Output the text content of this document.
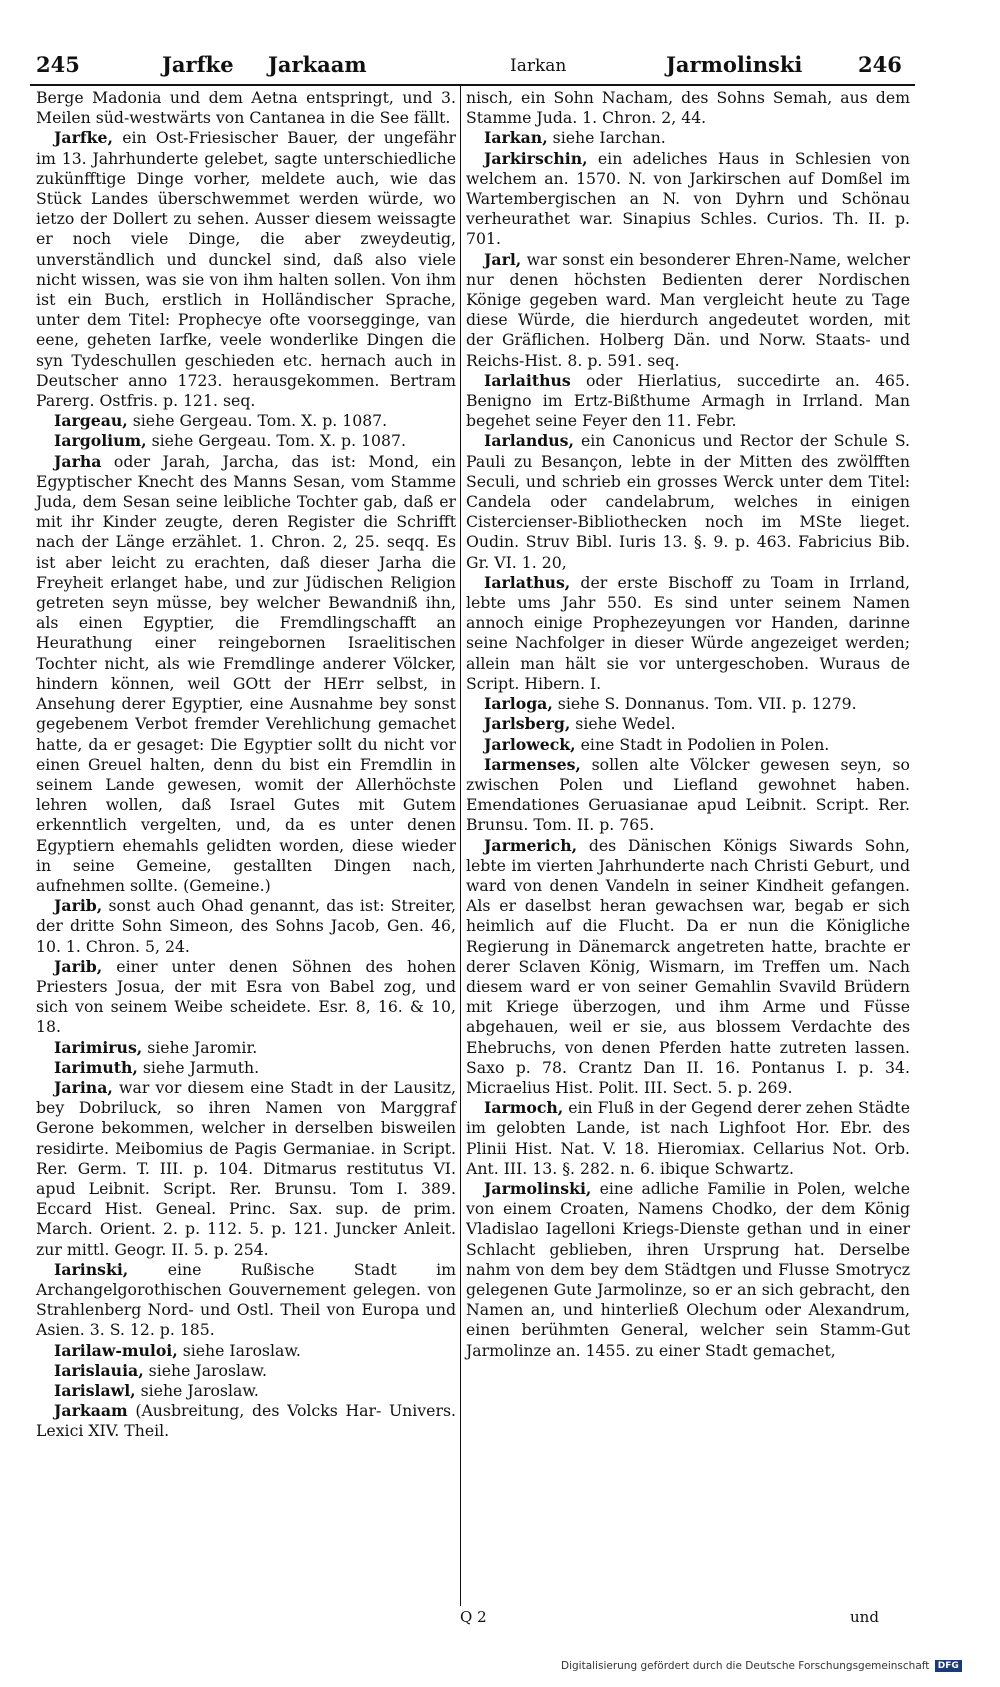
245	Jarfke Jarkaam	Iarkan	Jarmolinski	246

Berge Madonia und dem Aetna entspringt, und 3. Meilen süd-westwärts von Cantanea in die See fällt.

Jarfke, ein Ost-Friesischer Bauer, der ungefähr im 13. Jahrhunderte gelebet, sagte unterschiedliche zukünfftige Dinge vorher, meldete auch, wie das Stück Landes überschwemmet werden würde, wo ietzo der Dollert zu sehen. Ausser diesem weissagte er noch viele Dinge, die aber zweydeutig, unverständlich und dunckel sind, daß also viele nicht wissen, was sie von ihm halten sollen. Von ihm ist ein Buch, erstlich in Holländischer Sprache, unter dem Titel: Prophecye ofte voorseggingе, van eene, geheten Iarfke, veele wonderlike Dingen die syn Tydeschullen geschieden etc. hernach auch in Deutscher anno 1723. herausgekommen. Bertram Parerg. Ostfris. p. 121. seq.

Iargeau, siehe Gergeau. Tom. X. p. 1087.

Iargolium, siehe Gergeau. Tom. X. p. 1087.

Jarha oder Jarah, Jarcha, das ist: Mond, ein Egyptischer Knecht des Manns Sesan, vom Stamme Juda, dem Sesan seine leibliche Tochter gab, daß er mit ihr Kinder zeugte, deren Register die Schrifft nach der Länge erzählet. 1. Chron. 2, 25. seqq. Es ist aber leicht zu erachten, daß dieser Jarha die Freyheit erlanget habe, und zur Jüdischen Religion getreten seyn müsse, bey welcher Bewandniß ihn, als einen Egyptier, die Fremdlingschafft an Heurathung einer reingebornen Israelitischen Tochter nicht, als wie Fremdlinge anderer Völcker, hindern können, weil GOtt der HErr selbst, in Ansehung derer Egyptier, eine Ausnahme bey sonst gegebenem Verbot fremder Verehlichung gemachet hatte, da er gesaget: Die Egyptier sollt du nicht vor einen Greuel halten, denn du bist ein Fremdlin in seinem Lande gewesen, womit der Allerhöchste lehren wollen, daß Israel Gutes mit Gutem erkenntlich vergelten, und, da es unter denen Egyptiern ehemahls gelidten worden, diese wieder in seine Gemeine, gestallten Dingen nach, aufnehmen sollte. (Gemeine.)

Jarib, sonst auch Ohad genannt, das ist: Streiter, der dritte Sohn Simeon, des Sohns Jacob, Gen. 46, 10. 1. Chron. 5, 24.

Jarib, einer unter denen Söhnen des hohen Priesters Josua, der mit Esra von Babel zog, und sich von seinem Weibe scheidete. Esr. 8, 16. & 10, 18.

Iarimirus, siehe Jaromir.

Iarimuth, siehe Jarmuth.

Jarina, war vor diesem eine Stadt in der Lausitz, bey Dobriluck, so ihren Namen von Marggraf Gerone bekommen, welcher in derselben bisweilen residirte. Meibomius de Pagis Germaniae. in Script. Rer. Germ. T. III. p. 104. Ditmarus restitutus VI. apud Leibnit. Script. Rer. Brunsu. Tom I. 389. Eccard Hist. Geneal. Princ. Sax. sup. de prim. March. Orient. 2. p. 112. 5. p. 121. Juncker Anleit. zur mittl. Geogr. II. 5. p. 254.

Iarinski, eine Rußische Stadt im Archangelgorothischen Gouvernement gelegen. von Strahlenberg Nord- und Ostl. Theil von Europa und Asien. 3. S. 12. p. 185.

Iarilaw-muloi, siehe Iaroslaw.

Iarislauia, siehe Jaroslaw.

Iarislawl, siehe Jaroslaw.

Jarkaam (Ausbreitung, des Volcks Har- Univers. Lexici XIV. Theil.

nisch, ein Sohn Nacham, des Sohns Semah, aus dem Stamme Juda. 1. Chron. 2, 44.

Iarkan, siehe Iarchan.

Jarkirschin, ein adeliches Haus in Schlesien von welchem an. 1570. N. von Jarkirschen auf Domßel im Wartembergischen an N. von Dyhrn und Schönau verheurathet war. Sinapius Schles. Curios. Th. II. p. 701.

Jarl, war sonst ein besonderer Ehren-Name, welcher nur denen höchsten Bedienten derer Nordischen Könige gegeben ward. Man vergleicht heute zu Tage diese Würde, die hierdurch angedeutet worden, mit der Gräflichen. Holberg Dän. und Norw. Staats- und Reichs-Hist. 8. p. 591. seq.

Iarlaithus oder Hierlatius, succedirte an. 465. Benigno im Ertz-Bißthume Armagh in Irrland. Man begehet seine Feyer den 11. Febr.

Iarlandus, ein Canonicus und Rector der Schule S. Pauli zu Besançon, lebte in der Mitten des zwölfften Seculi, und schrieb ein grosses Werck unter dem Titel: Candela oder candelabrum, welches in einigen Cistercienser-Bibliothecken noch im MSte lieget. Oudin. Struv Bibl. Iuris 13. §. 9. p. 463. Fabricius Bib. Gr. VI. 1. 20,

Iarlathus, der erste Bischoff zu Toam in Irrland, lebte ums Jahr 550. Es sind unter seinem Namen annoch einige Prophezeyungen vor Handen, darinne seine Nachfolger in dieser Würde angezeiget werden; allein man hält sie vor untergeschoben. Wuraus de Script. Hibern. I.

Iarloga, siehe S. Donnanus. Tom. VII. p. 1279.

Jarlsberg, siehe Wedel.

Jarloweck, eine Stadt in Podolien in Polen.

Iarmenses, sollen alte Völcker gewesen seyn, so zwischen Polen und Liefland gewohnet haben. Emendationes Geruasianae apud Leibnit. Script. Rer. Brunsu. Tom. II. p. 765.

Jarmerich, des Dänischen Königs Siwards Sohn, lebte im vierten Jahrhunderte nach Christi Geburt, und ward von denen Vandeln in seiner Kindheit gefangen. Als er daselbst heran gewachsen war, begab er sich heimlich auf die Flucht. Da er nun die Königliche Regierung in Dänemarck angetreten hatte, brachte er derer Sclaven König, Wismarn, im Treffen um. Nach diesem ward er von seiner Gemahlin Svavild Brüdern mit Kriege überzogen, und ihm Arme und Füsse abgehauen, weil er sie, aus blossem Verdachte des Ehebruchs, von denen Pferden hatte zutreten lassen. Saxo p. 78. Crantz Dan II. 16. Pontanus I. p. 34. Micraelius Hist. Polit. III. Sect. 5. p. 269.

Iarmoch, ein Fluß in der Gegend derer zehen Städte im gelobten Lande, ist nach Lighfoot Hor. Ebr. des Plinii Hist. Nat. V. 18. Hieromiax. Cellarius Not. Orb. Ant. III. 13. §. 282. n. 6. ibique Schwartz.

Jarmolinski, eine adliche Familie in Polen, welche von einem Croaten, Namens Chodko, der dem König Vladislao Iagelloni Kriegs-Dienste gethan und in einer Schlacht geblieben, ihren Ursprung hat. Derselbe nahm von dem bey dem Städtgen und Flusse Smotrycz gelegenen Gute Jarmolinze, so er an sich gebracht, den Namen an, und hinterließ Olechum oder Alexandrum, einen berühmten General, welcher sein Stamm-Gut Jarmolinze an. 1455. zu einer Stadt gemachet,

Q 2	und
Digitalisierung gefördert durch die Deutsche Forschungsgemeinschaft DFG
